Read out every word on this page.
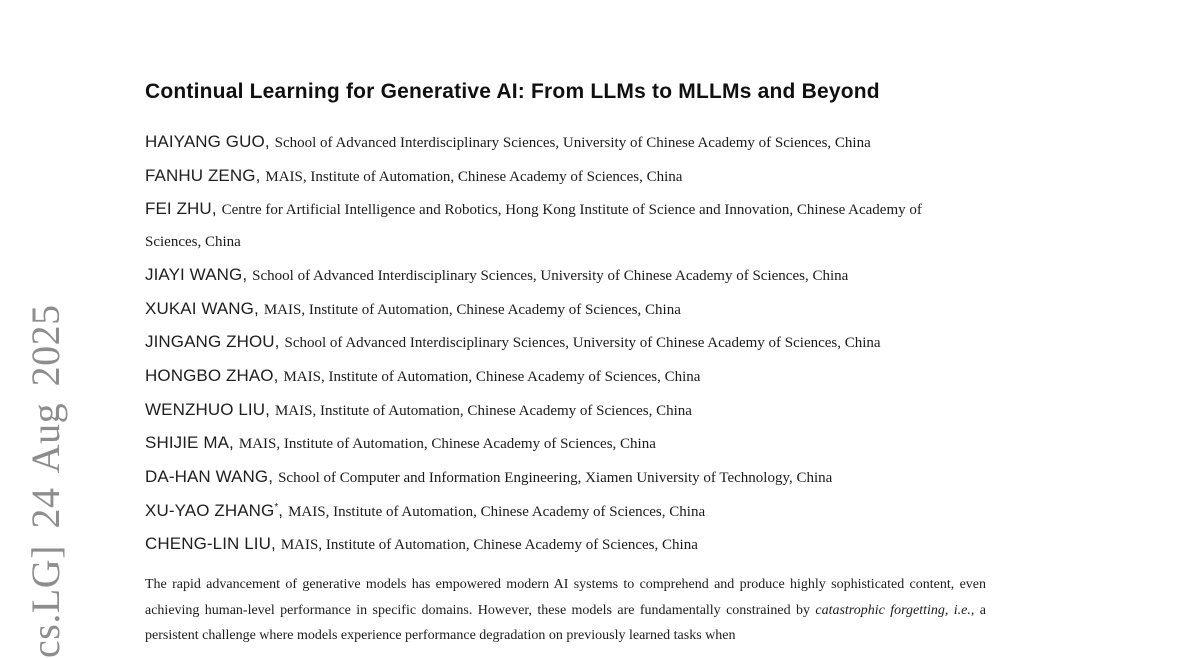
cs.LG] 24 Aug 2025
Continual Learning for Generative AI: From LLMs to MLLMs and Beyond

HAIYANG GUO, School of Advanced Interdisciplinary Sciences, University of Chinese Academy of Sciences, China

FANHU ZENG, MAIS, Institute of Automation, Chinese Academy of Sciences, China

FEI ZHU, Centre for Artificial Intelligence and Robotics, Hong Kong Institute of Science and Innovation, Chinese Academy of Sciences, China

JIAYI WANG, School of Advanced Interdisciplinary Sciences, University of Chinese Academy of Sciences, China

XUKAI WANG, MAIS, Institute of Automation, Chinese Academy of Sciences, China

JINGANG ZHOU, School of Advanced Interdisciplinary Sciences, University of Chinese Academy of Sciences, China

HONGBO ZHAO, MAIS, Institute of Automation, Chinese Academy of Sciences, China

WENZHUO LIU, MAIS, Institute of Automation, Chinese Academy of Sciences, China

SHIJIE MA, MAIS, Institute of Automation, Chinese Academy of Sciences, China

DA-HAN WANG, School of Computer and Information Engineering, Xiamen University of Technology, China

XU-YAO ZHANG*, MAIS, Institute of Automation, Chinese Academy of Sciences, China

CHENG-LIN LIU, MAIS, Institute of Automation, Chinese Academy of Sciences, China

The rapid advancement of generative models has empowered modern AI systems to comprehend and produce highly sophisticated content, even achieving human-level performance in specific domains. However, these models are fundamentally constrained by catastrophic forgetting, i.e., a persistent challenge where models experience performance degradation on previously learned tasks when
